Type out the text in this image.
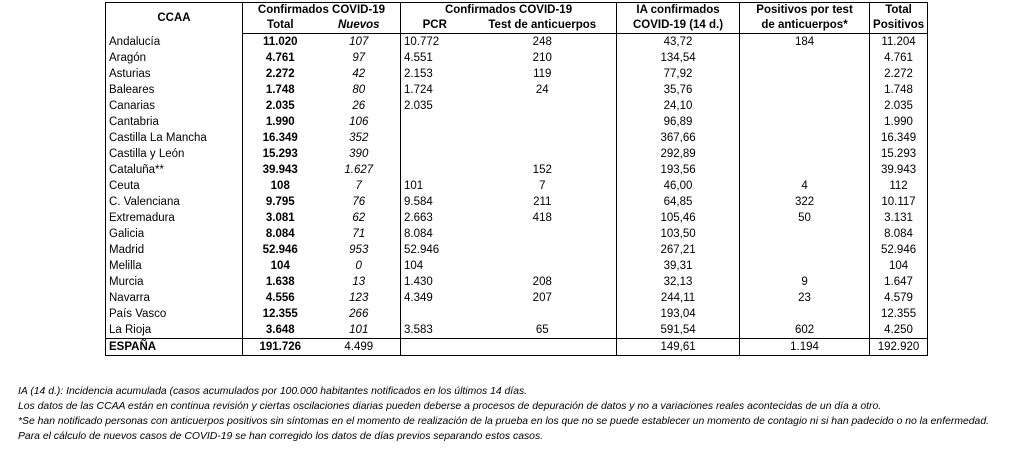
CCAA	Confirmados COVID-19		Confirmados COVID-19		IA confirmados	Positivos por test	Total
	Total	Nuevos	PCR	Test de anticuerpos	COVID-19 (14 d.)	de anticuerpos*	Positivos
Andalucía	11.020	107	10.772	248	43,72	184	11.204
Aragón	4.761	97	4.551	210	134,54		4.761
Asturias	2.272	42	2.153	119	77,92		2.272
Baleares	1.748	80	1.724	24	35,76		1.748
Canarias	2.035	26	2.035		24,10		2.035
Cantabria	1.990	106			96,89		1.990
Castilla La Mancha	16.349	352			367,66		16.349
Castilla y León	15.293	390			292,89		15.293
Cataluña**	39.943	1.627		152	193,56		39.943
Ceuta	108	7	101	7	46,00	4	112
C. Valenciana	9.795	76	9.584	211	64,85	322	10.117
Extremadura	3.081	62	2.663	418	105,46	50	3.131
Galicia	8.084	71	8.084		103,50		8.084
Madrid	52.946	953	52.946		267,21		52.946
Melilla	104	0	104		39,31		104
Murcia	1.638	13	1.430	208	32,13	9	1.647
Navarra	4.556	123	4.349	207	244,11	23	4.579
País Vasco	12.355	266			193,04		12.355
La Rioja	3.648	101	3.583	65	591,54	602	4.250
ESPAÑA	191.726	4.499			149,61	1.194	192.920

IA (14 d.): Incidencia acumulada (casos acumulados por 100.000 habitantes notificados en los últimos 14 días.

Los datos de las CCAA están en continua revisión y ciertas oscilaciones diarias pueden deberse a procesos de depuración de datos y no a variaciones reales acontecidas de un día a otro.

*Se han notificado personas con anticuerpos positivos sin síntomas en el momento de realización de la prueba en los que no se puede establecer un momento de contagio ni si han padecido o no la enfermedad. Para el cálculo de nuevos casos de COVID-19 se han corregido los datos de días previos separando estos casos.
